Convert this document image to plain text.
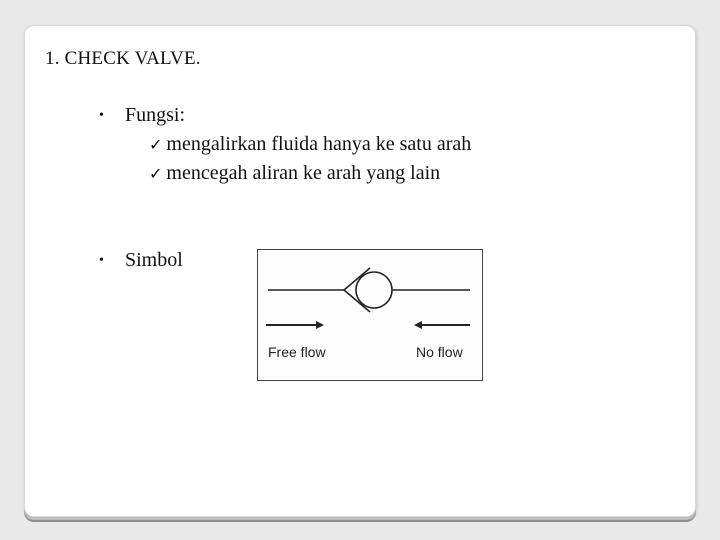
1. CHECK VALVE.
• Fungsi:
✓ mengalirkan fluida hanya ke satu arah
✓ mencegah aliran ke arah yang lain
• Simbol
Free flow	No flow
